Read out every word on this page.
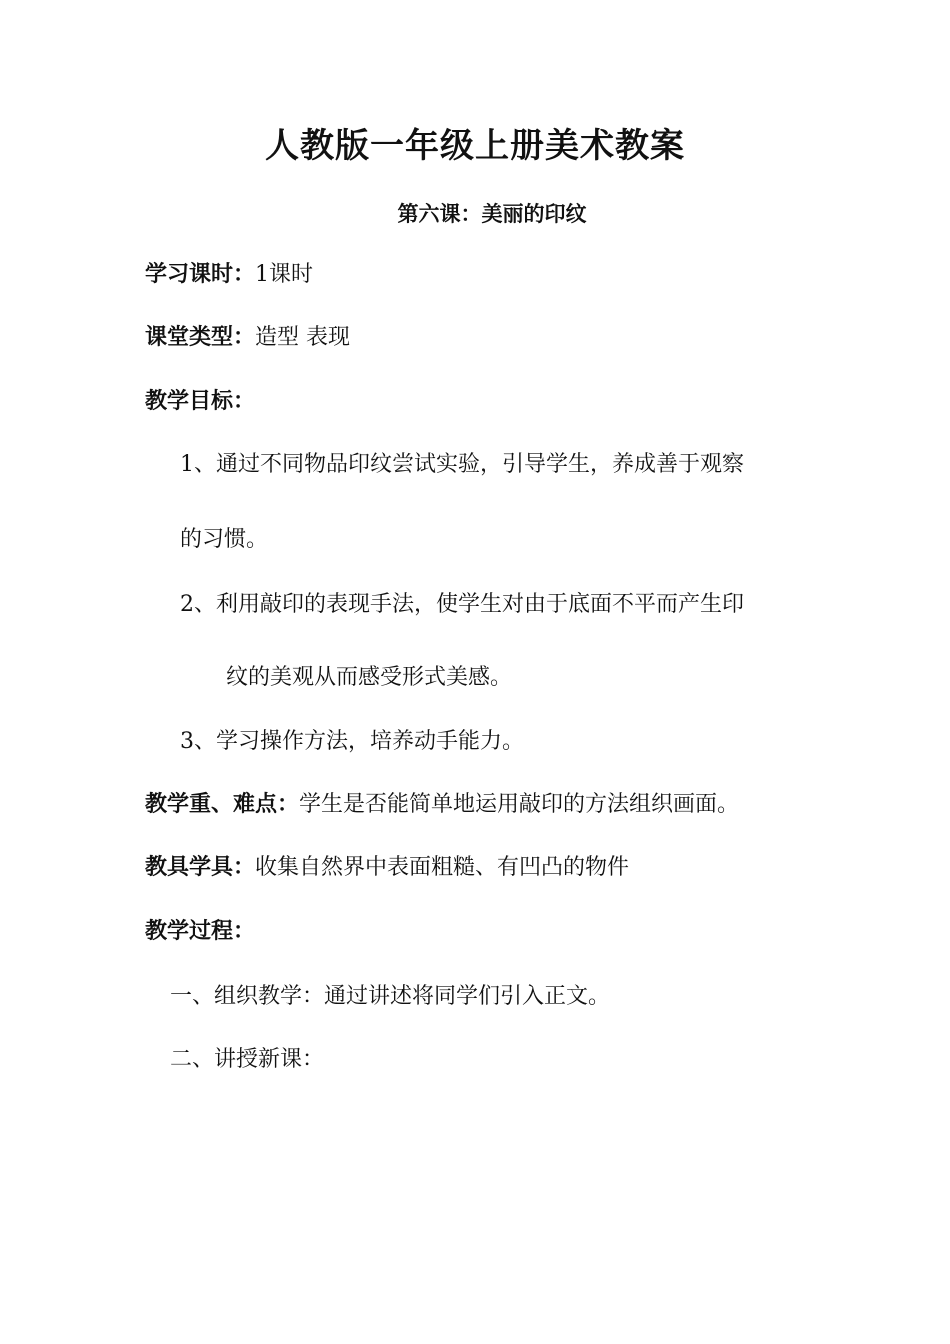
人教版一年级上册美术教案
第六课：美丽的印纹
学习课时：1课时
课堂类型：造型 表现
教学目标：
1、通过不同物品印纹尝试实验，引导学生，养成善于观察
的习惯。
2、利用敲印的表现手法，使学生对由于底面不平而产生印
纹的美观从而感受形式美感。
3、学习操作方法，培养动手能力。
教学重、难点：学生是否能简单地运用敲印的方法组织画面。
教具学具：收集自然界中表面粗糙、有凹凸的物件
教学过程：
一、组织教学：通过讲述将同学们引入正文。
二、讲授新课：
